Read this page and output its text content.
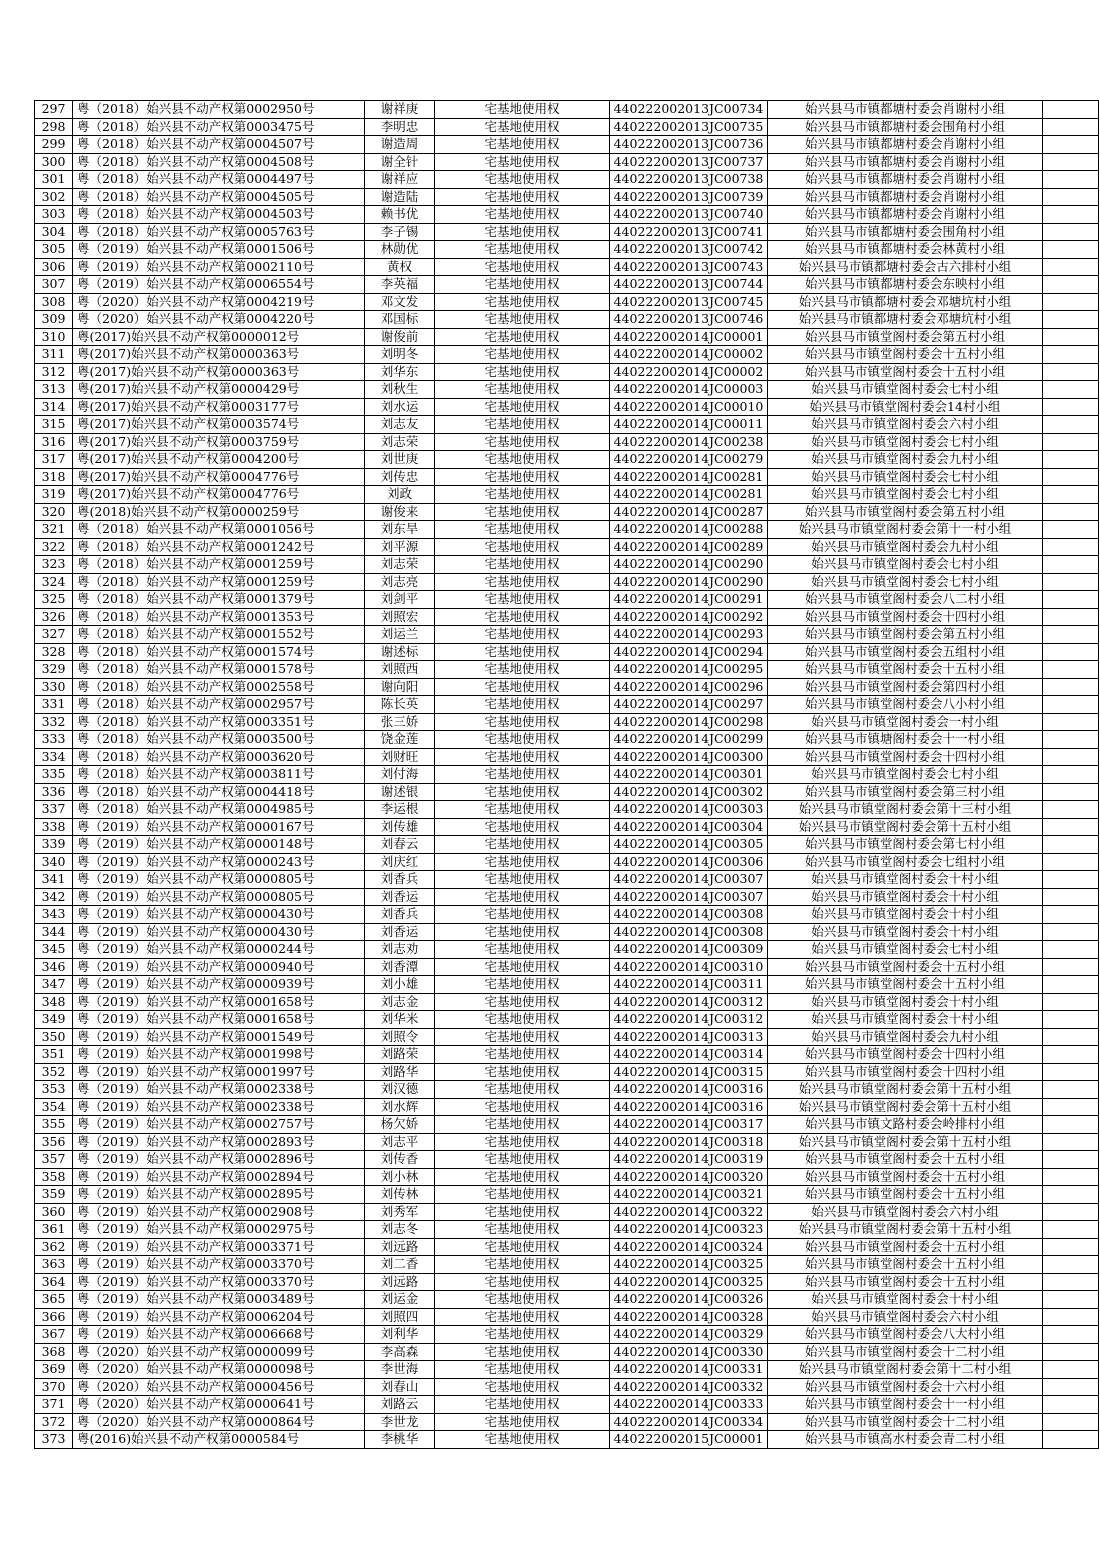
297	粤（2018）始兴县不动产权第0002950号	谢祥庚	宅基地使用权	440222002013JC00734	始兴县马市镇都塘村委会肖谢村小组	
298	粤（2018）始兴县不动产权第0003475号	李明忠	宅基地使用权	440222002013JC00735	始兴县马市镇都塘村委会围角村小组	
299	粤（2018）始兴县不动产权第0004507号	谢造周	宅基地使用权	440222002013JC00736	始兴县马市镇都塘村委会肖谢村小组	
300	粤（2018）始兴县不动产权第0004508号	谢全针	宅基地使用权	440222002013JC00737	始兴县马市镇都塘村委会肖谢村小组	
301	粤（2018）始兴县不动产权第0004497号	谢祥应	宅基地使用权	440222002013JC00738	始兴县马市镇都塘村委会肖谢村小组	
302	粤（2018）始兴县不动产权第0004505号	谢造陆	宅基地使用权	440222002013JC00739	始兴县马市镇都塘村委会肖谢村小组	
303	粤（2018）始兴县不动产权第0004503号	赖书优	宅基地使用权	440222002013JC00740	始兴县马市镇都塘村委会肖谢村小组	
304	粤（2018）始兴县不动产权第0005763号	李子锡	宅基地使用权	440222002013JC00741	始兴县马市镇都塘村委会围角村小组	
305	粤（2019）始兴县不动产权第0001506号	林勋优	宅基地使用权	440222002013JC00742	始兴县马市镇都塘村委会林黄村小组	
306	粤（2019）始兴县不动产权第0002110号	黄权	宅基地使用权	440222002013JC00743	始兴县马市镇都塘村委会古六排村小组	
307	粤（2019）始兴县不动产权第0006554号	李英福	宅基地使用权	440222002013JC00744	始兴县马市镇都塘村委会东映村小组	
308	粤（2020）始兴县不动产权第0004219号	邓文发	宅基地使用权	440222002013JC00745	始兴县马市镇都塘村委会邓塘坑村小组	
309	粤（2020）始兴县不动产权第0004220号	邓国标	宅基地使用权	440222002013JC00746	始兴县马市镇都塘村委会邓塘坑村小组	
310	粤(2017)始兴县不动产权第0000012号	谢俊前	宅基地使用权	440222002014JC00001	始兴县马市镇堂阁村委会第五村小组	
311	粤(2017)始兴县不动产权第0000363号	刘明冬	宅基地使用权	440222002014JC00002	始兴县马市镇堂阁村委会十五村小组	
312	粤(2017)始兴县不动产权第0000363号	刘华东	宅基地使用权	440222002014JC00002	始兴县马市镇堂阁村委会十五村小组	
313	粤(2017)始兴县不动产权第0000429号	刘秋生	宅基地使用权	440222002014JC00003	始兴县马市镇堂阁村委会七村小组	
314	粤(2017)始兴县不动产权第0003177号	刘水运	宅基地使用权	440222002014JC00010	始兴县马市镇堂阁村委会14村小组	
315	粤(2017)始兴县不动产权第0003574号	刘志友	宅基地使用权	440222002014JC00011	始兴县马市镇堂阁村委会六村小组	
316	粤(2017)始兴县不动产权第0003759号	刘志荣	宅基地使用权	440222002014JC00238	始兴县马市镇堂阁村委会七村小组	
317	粤(2017)始兴县不动产权第0004200号	刘世庚	宅基地使用权	440222002014JC00279	始兴县马市镇堂阁村委会九村小组	
318	粤(2017)始兴县不动产权第0004776号	刘传忠	宅基地使用权	440222002014JC00281	始兴县马市镇堂阁村委会七村小组	
319	粤(2017)始兴县不动产权第0004776号	刘政	宅基地使用权	440222002014JC00281	始兴县马市镇堂阁村委会七村小组	
320	粤(2018)始兴县不动产权第0000259号	谢俊来	宅基地使用权	440222002014JC00287	始兴县马市镇堂阁村委会第五村小组	
321	粤（2018）始兴县不动产权第0001056号	刘东旱	宅基地使用权	440222002014JC00288	始兴县马市镇堂阁村委会第十一村小组	
322	粤（2018）始兴县不动产权第0001242号	刘平源	宅基地使用权	440222002014JC00289	始兴县马市镇堂阁村委会九村小组	
323	粤（2018）始兴县不动产权第0001259号	刘志荣	宅基地使用权	440222002014JC00290	始兴县马市镇堂阁村委会七村小组	
324	粤（2018）始兴县不动产权第0001259号	刘志亮	宅基地使用权	440222002014JC00290	始兴县马市镇堂阁村委会七村小组	
325	粤（2018）始兴县不动产权第0001379号	刘剑平	宅基地使用权	440222002014JC00291	始兴县马市镇堂阁村委会八二村小组	
326	粤（2018）始兴县不动产权第0001353号	刘照宏	宅基地使用权	440222002014JC00292	始兴县马市镇堂阁村委会十四村小组	
327	粤（2018）始兴县不动产权第0001552号	刘运兰	宅基地使用权	440222002014JC00293	始兴县马市镇堂阁村委会第五村小组	
328	粤（2018）始兴县不动产权第0001574号	谢述标	宅基地使用权	440222002014JC00294	始兴县马市镇堂阁村委会五组村小组	
329	粤（2018）始兴县不动产权第0001578号	刘照西	宅基地使用权	440222002014JC00295	始兴县马市镇堂阁村委会十五村小组	
330	粤（2018）始兴县不动产权第0002558号	谢向阳	宅基地使用权	440222002014JC00296	始兴县马市镇堂阁村委会第四村小组	
331	粤（2018）始兴县不动产权第0002957号	陈长英	宅基地使用权	440222002014JC00297	始兴县马市镇堂阁村委会八小村小组	
332	粤（2018）始兴县不动产权第0003351号	张三娇	宅基地使用权	440222002014JC00298	始兴县马市镇堂阁村委会一村小组	
333	粤（2018）始兴县不动产权第0003500号	饶金莲	宅基地使用权	440222002014JC00299	始兴县马市镇塘阁村委会十一村小组	
334	粤（2018）始兴县不动产权第0003620号	刘财旺	宅基地使用权	440222002014JC00300	始兴县马市镇堂阁村委会十四村小组	
335	粤（2018）始兴县不动产权第0003811号	刘付海	宅基地使用权	440222002014JC00301	始兴县马市镇堂阁村委会七村小组	
336	粤（2018）始兴县不动产权第0004418号	谢述银	宅基地使用权	440222002014JC00302	始兴县马市镇堂阁村委会第三村小组	
337	粤（2018）始兴县不动产权第0004985号	李运根	宅基地使用权	440222002014JC00303	始兴县马市镇堂阁村委会第十三村小组	
338	粤（2019）始兴县不动产权第0000167号	刘传雄	宅基地使用权	440222002014JC00304	始兴县马市镇堂阁村委会第十五村小组	
339	粤（2019）始兴县不动产权第0000148号	刘春云	宅基地使用权	440222002014JC00305	始兴县马市镇堂阁村委会第七村小组	
340	粤（2019）始兴县不动产权第0000243号	刘庆红	宅基地使用权	440222002014JC00306	始兴县马市镇堂阁村委会七组村小组	
341	粤（2019）始兴县不动产权第0000805号	刘香兵	宅基地使用权	440222002014JC00307	始兴县马市镇堂阁村委会十村小组	
342	粤（2019）始兴县不动产权第0000805号	刘香运	宅基地使用权	440222002014JC00307	始兴县马市镇堂阁村委会十村小组	
343	粤（2019）始兴县不动产权第0000430号	刘香兵	宅基地使用权	440222002014JC00308	始兴县马市镇堂阁村委会十村小组	
344	粤（2019）始兴县不动产权第0000430号	刘香运	宅基地使用权	440222002014JC00308	始兴县马市镇堂阁村委会十村小组	
345	粤（2019）始兴县不动产权第0000244号	刘志劝	宅基地使用权	440222002014JC00309	始兴县马市镇堂阁村委会七村小组	
346	粤（2019）始兴县不动产权第0000940号	刘香潭	宅基地使用权	440222002014JC00310	始兴县马市镇堂阁村委会十五村小组	
347	粤（2019）始兴县不动产权第0000939号	刘小雄	宅基地使用权	440222002014JC00311	始兴县马市镇堂阁村委会十五村小组	
348	粤（2019）始兴县不动产权第0001658号	刘志金	宅基地使用权	440222002014JC00312	始兴县马市镇堂阁村委会十村小组	
349	粤（2019）始兴县不动产权第0001658号	刘华米	宅基地使用权	440222002014JC00312	始兴县马市镇堂阁村委会十村小组	
350	粤（2019）始兴县不动产权第0001549号	刘照令	宅基地使用权	440222002014JC00313	始兴县马市镇堂阁村委会九村小组	
351	粤（2019）始兴县不动产权第0001998号	刘路荣	宅基地使用权	440222002014JC00314	始兴县马市镇堂阁村委会十四村小组	
352	粤（2019）始兴县不动产权第0001997号	刘路华	宅基地使用权	440222002014JC00315	始兴县马市镇堂阁村委会十四村小组	
353	粤（2019）始兴县不动产权第0002338号	刘汉德	宅基地使用权	440222002014JC00316	始兴县马市镇堂阁村委会第十五村小组	
354	粤（2019）始兴县不动产权第0002338号	刘水辉	宅基地使用权	440222002014JC00316	始兴县马市镇堂阁村委会第十五村小组	
355	粤（2019）始兴县不动产权第0002757号	杨欠娇	宅基地使用权	440222002014JC00317	始兴县马市镇文路村委会岭排村小组	
356	粤（2019）始兴县不动产权第0002893号	刘志平	宅基地使用权	440222002014JC00318	始兴县马市镇堂阁村委会第十五村小组	
357	粤（2019）始兴县不动产权第0002896号	刘传香	宅基地使用权	440222002014JC00319	始兴县马市镇堂阁村委会十五村小组	
358	粤（2019）始兴县不动产权第0002894号	刘小林	宅基地使用权	440222002014JC00320	始兴县马市镇堂阁村委会十五村小组	
359	粤（2019）始兴县不动产权第0002895号	刘传林	宅基地使用权	440222002014JC00321	始兴县马市镇堂阁村委会十五村小组	
360	粤（2019）始兴县不动产权第0002908号	刘秀军	宅基地使用权	440222002014JC00322	始兴县马市镇堂阁村委会六村小组	
361	粤（2019）始兴县不动产权第0002975号	刘志冬	宅基地使用权	440222002014JC00323	始兴县马市镇堂阁村委会第十五村小组	
362	粤（2019）始兴县不动产权第0003371号	刘远路	宅基地使用权	440222002014JC00324	始兴县马市镇堂阁村委会十五村小组	
363	粤（2019）始兴县不动产权第0003370号	刘二香	宅基地使用权	440222002014JC00325	始兴县马市镇堂阁村委会十五村小组	
364	粤（2019）始兴县不动产权第0003370号	刘远路	宅基地使用权	440222002014JC00325	始兴县马市镇堂阁村委会十五村小组	
365	粤（2019）始兴县不动产权第0003489号	刘运金	宅基地使用权	440222002014JC00326	始兴县马市镇堂阁村委会十村小组	
366	粤（2019）始兴县不动产权第0006204号	刘照四	宅基地使用权	440222002014JC00328	始兴县马市镇堂阁村委会六村小组	
367	粤（2019）始兴县不动产权第0006668号	刘利华	宅基地使用权	440222002014JC00329	始兴县马市镇堂阁村委会八大村小组	
368	粤（2020）始兴县不动产权第0000099号	李高森	宅基地使用权	440222002014JC00330	始兴县马市镇堂阁村委会十二村小组	
369	粤（2020）始兴县不动产权第0000098号	李世海	宅基地使用权	440222002014JC00331	始兴县马市镇堂阁村委会第十二村小组	
370	粤（2020）始兴县不动产权第0000456号	刘春山	宅基地使用权	440222002014JC00332	始兴县马市镇堂阁村委会十六村小组	
371	粤（2020）始兴县不动产权第0000641号	刘路云	宅基地使用权	440222002014JC00333	始兴县马市镇堂阁村委会十一村小组	
372	粤（2020）始兴县不动产权第0000864号	李世龙	宅基地使用权	440222002014JC00334	始兴县马市镇堂阁村委会十二村小组	
373	粤(2016)始兴县不动产权第0000584号	李桃华	宅基地使用权	440222002015JC00001	始兴县马市镇高水村委会青二村小组	
